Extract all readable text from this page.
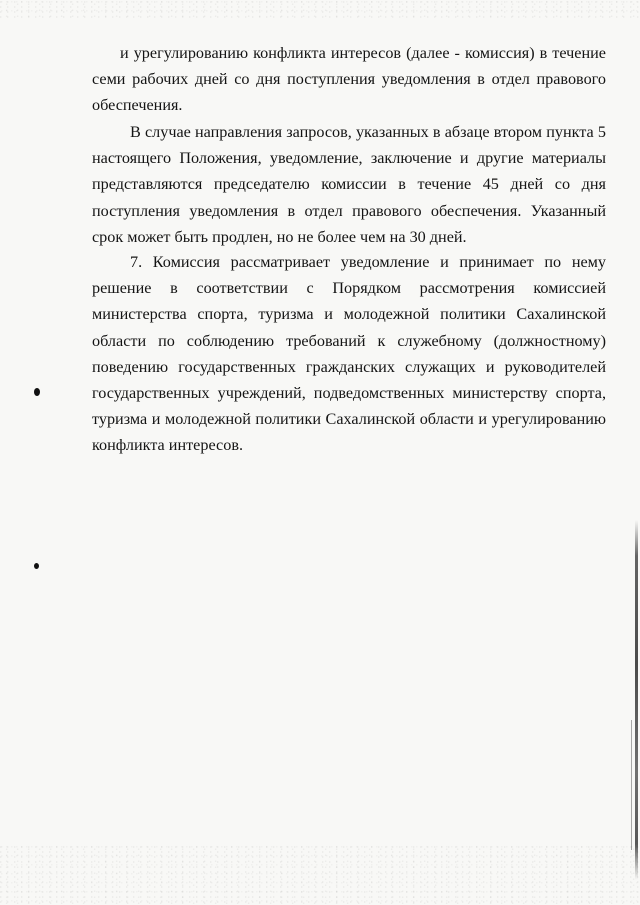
и урегулированию конфликта интересов (далее - комиссия) в течение семи рабочих дней со дня поступления уведомления в отдел правового обеспечения.

В случае направления запросов, указанных в абзаце втором пункта 5 настоящего Положения, уведомление, заключение и другие материалы представляются председателю комиссии в течение 45 дней со дня поступления уведомления в отдел правового обеспечения. Указанный срок может быть продлен, но не более чем на 30 дней.

7. Комиссия рассматривает уведомление и принимает по нему решение в соответствии с Порядком рассмотрения комиссией министерства спорта, туризма и молодежной политики Сахалинской области по соблюдению требований к служебному (должностному) поведению государственных гражданских служащих и руководителей государственных учреждений, подведомственных министерству спорта, туризма и молодежной политики Сахалинской области и урегулированию конфликта интересов.
